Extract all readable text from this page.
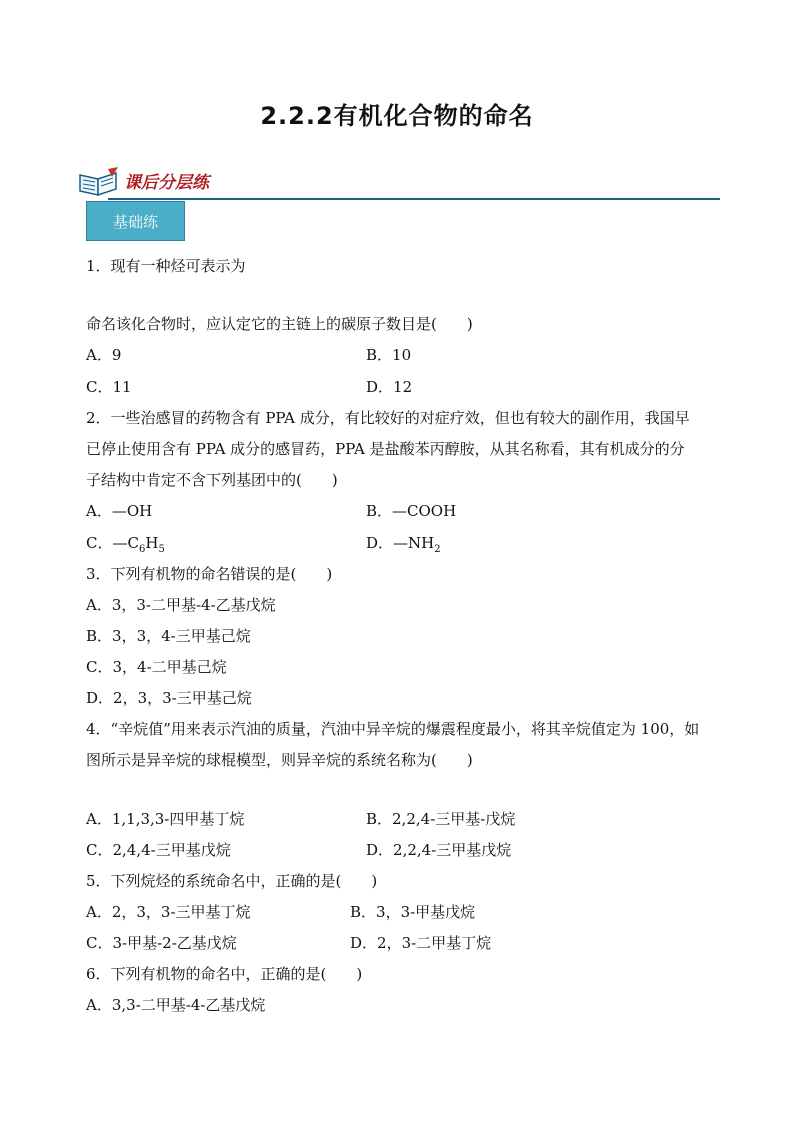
2.2.2有机化合物的命名
课后分层练
基础练
1．现有一种烃可表示为
命名该化合物时，应认定它的主链上的碳原子数目是(　　)
A．9	B．10
C．11	D．12
2．一些治感冒的药物含有 PPA 成分，有比较好的对症疗效，但也有较大的副作用，我国早
已停止使用含有 PPA 成分的感冒药，PPA 是盐酸苯丙醇胺，从其名称看，其有机成分的分
子结构中肯定不含下列基团中的(　　)
A．—OH	B．—COOH
C．$—C_6H_5$	D．$—NH_2$
3．下列有机物的命名错误的是(　　)
A．3，3-二甲基-4-乙基戊烷
B．3，3，4-三甲基己烷
C．3，4-二甲基己烷
D．2，3，3-三甲基己烷
4．“辛烷值”用来表示汽油的质量，汽油中异辛烷的爆震程度最小，将其辛烷值定为 100，如
图所示是异辛烷的球棍模型，则异辛烷的系统名称为(　　)
A．1,1,3,3-四甲基丁烷	B．2,2,4-三甲基-戊烷
C．2,4,4-三甲基戊烷	D．2,2,4-三甲基戊烷
5．下列烷烃的系统命名中，正确的是(　　)
A．2，3，3-三甲基丁烷	B．3，3-甲基戊烷
C．3-甲基-2-乙基戊烷	D．2，3-二甲基丁烷
6．下列有机物的命名中，正确的是(　　)
A．3,3-二甲基-4-乙基戊烷
